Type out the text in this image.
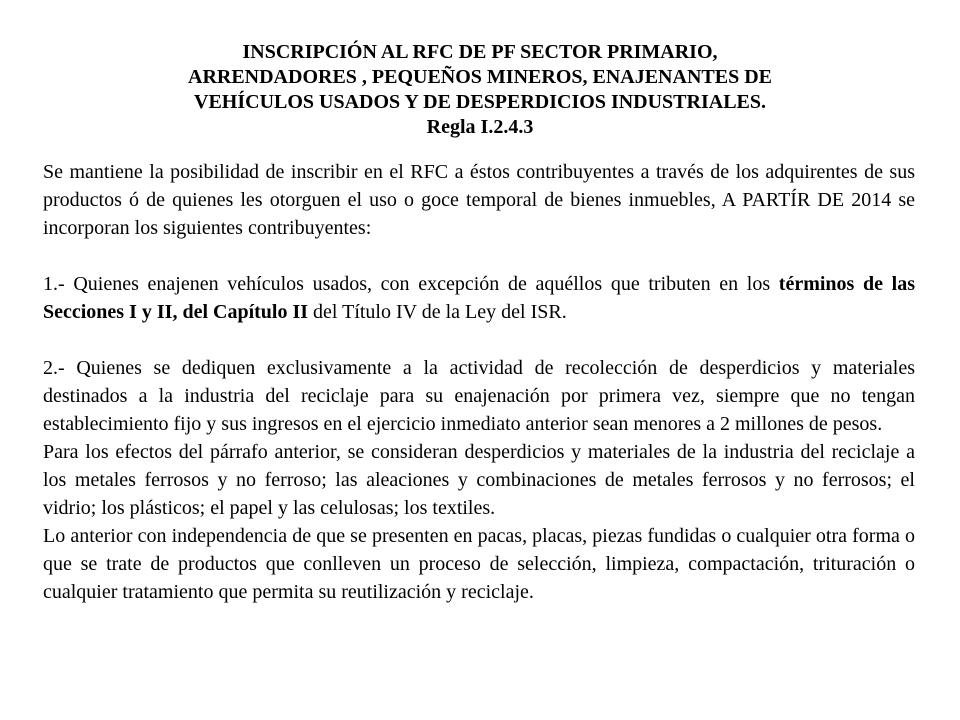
INSCRIPCIÓN AL RFC DE PF SECTOR PRIMARIO,
ARRENDADORES , PEQUEÑOS MINEROS, ENAJENANTES DE
VEHÍCULOS USADOS Y DE DESPERDICIOS INDUSTRIALES.
Regla I.2.4.3

Se mantiene la posibilidad de inscribir en el RFC a éstos contribuyentes a través de los adquirentes de sus productos ó de quienes les otorguen el uso o goce temporal de bienes inmuebles, A PARTÍR DE 2014 se incorporan los siguientes contribuyentes:

1.- Quienes enajenen vehículos usados, con excepción de aquéllos que tributen en los términos de las Secciones I y II, del Capítulo II del Título IV de la Ley del ISR.

2.- Quienes se dediquen exclusivamente a la actividad de recolección de desperdicios y materiales destinados a la industria del reciclaje para su enajenación por primera vez, siempre que no tengan establecimiento fijo y sus ingresos en el ejercicio inmediato anterior sean menores a 2 millones de pesos.

Para los efectos del párrafo anterior, se consideran desperdicios y materiales de la industria del reciclaje a los metales ferrosos y no ferroso; las aleaciones y combinaciones de metales ferrosos y no ferrosos; el vidrio; los plásticos; el papel y las celulosas; los textiles.

Lo anterior con independencia de que se presenten en pacas, placas, piezas fundidas o cualquier otra forma o que se trate de productos que conlleven un proceso de selección, limpieza, compactación, trituración o cualquier tratamiento que permita su reutilización y reciclaje.
